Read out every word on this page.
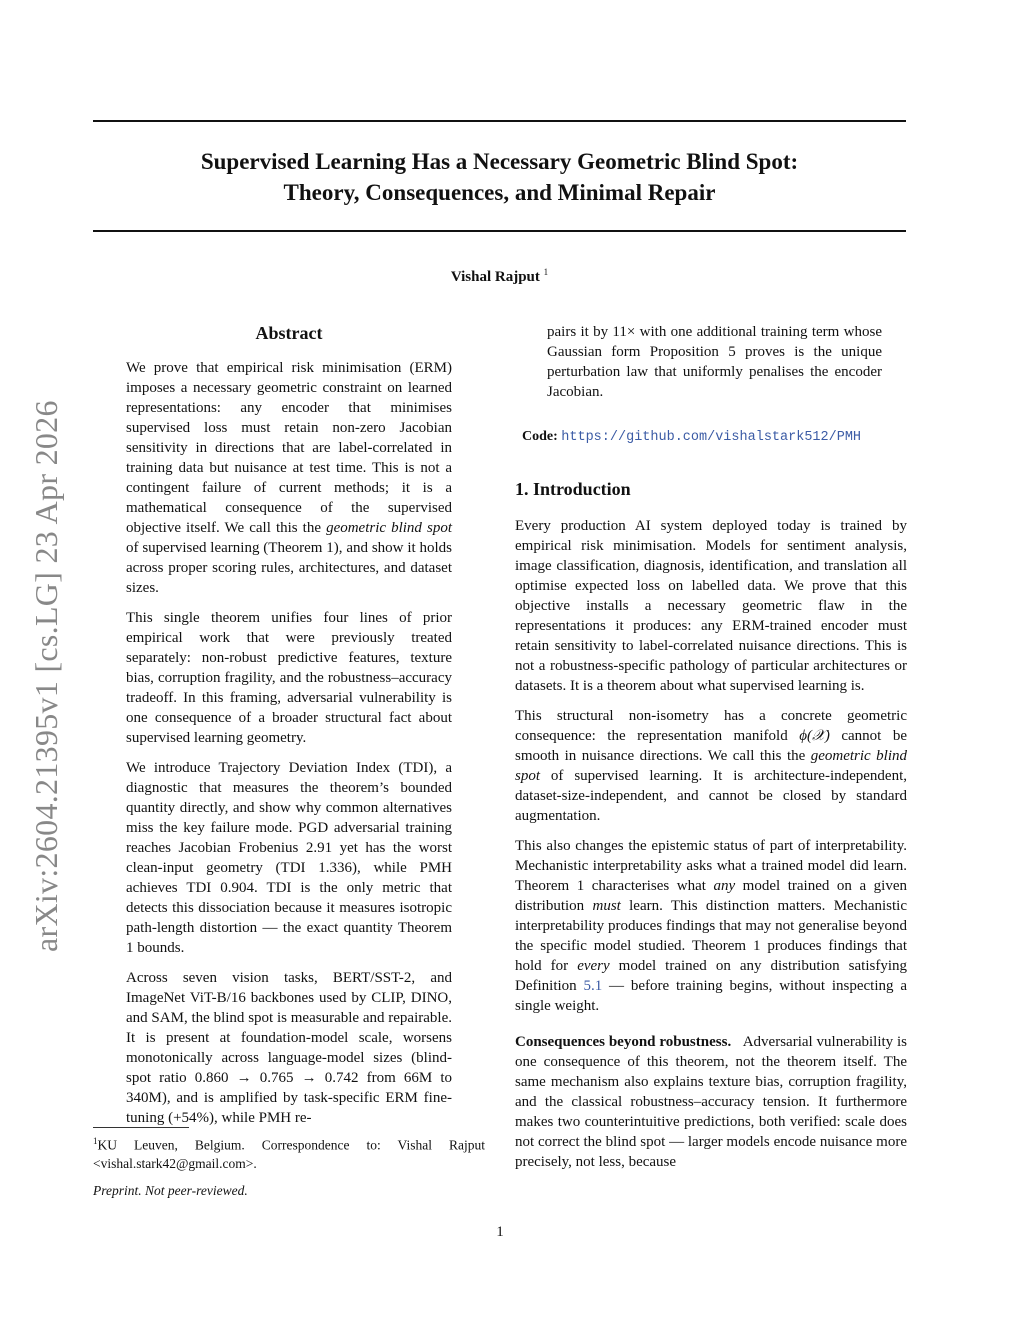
Supervised Learning Has a Necessary Geometric Blind Spot:
Theory, Consequences, and Minimal Repair
Vishal Rajput $^1$
arXiv:2604.21395v1 [cs.LG] 23 Apr 2026
Abstract

We prove that empirical risk minimisation (ERM) imposes a necessary geometric constraint on learned representations: any encoder that minimises supervised loss must retain non-zero Jacobian sensitivity in directions that are label-correlated in training data but nuisance at test time. This is not a contingent failure of current methods; it is a mathematical consequence of the supervised objective itself. We call this the geometric blind spot of supervised learning (Theorem 1), and show it holds across proper scoring rules, architectures, and dataset sizes.

This single theorem unifies four lines of prior empirical work that were previously treated separately: non-robust predictive features, texture bias, corruption fragility, and the robustness–accuracy tradeoff. In this framing, adversarial vulnerability is one consequence of a broader structural fact about supervised learning geometry.

We introduce Trajectory Deviation Index (TDI), a diagnostic that measures the theorem’s bounded quantity directly, and show why common alternatives miss the key failure mode. PGD adversarial training reaches Jacobian Frobenius 2.91 yet has the worst clean-input geometry (TDI 1.336), while PMH achieves TDI 0.904. TDI is the only metric that detects this dissociation because it measures isotropic path-length distortion — the exact quantity Theorem 1 bounds.

Across seven vision tasks, BERT/SST-2, and ImageNet ViT-B/16 backbones used by CLIP, DINO, and SAM, the blind spot is measurable and repairable. It is present at foundation-model scale, worsens monotonically across language-model sizes (blind-spot ratio 0.860 → 0.765 → 0.742 from 66M to 340M), and is amplified by task-specific ERM fine-tuning (+54%), while PMH re-

pairs it by 11× with one additional training term whose Gaussian form Proposition 5 proves is the unique perturbation law that uniformly penalises the encoder Jacobian.

Code: https://github.com/vishalstark512/PMH
1. Introduction

Every production AI system deployed today is trained by empirical risk minimisation. Models for sentiment analysis, image classification, diagnosis, identification, and translation all optimise expected loss on labelled data. We prove that this objective installs a necessary geometric flaw in the representations it produces: any ERM-trained encoder must retain sensitivity to label-correlated nuisance directions. This is not a robustness-specific pathology of particular architectures or datasets. It is a theorem about what supervised learning is.

This structural non-isometry has a concrete geometric consequence: the representation manifold ϕ(𝒳) cannot be smooth in nuisance directions. We call this the geometric blind spot of supervised learning. It is architecture-independent, dataset-size-independent, and cannot be closed by standard augmentation.

This also changes the epistemic status of part of interpretability. Mechanistic interpretability asks what a trained model did learn. Theorem 1 characterises what any model trained on a given distribution must learn. This distinction matters. Mechanistic interpretability produces findings that may not generalise beyond the specific model studied. Theorem 1 produces findings that hold for every model trained on any distribution satisfying Definition 5.1 — before training begins, without inspecting a single weight.

Consequences beyond robustness. Adversarial vulnerability is one consequence of this theorem, not the theorem itself. The same mechanism also explains texture bias, corruption fragility, and the classical robustness–accuracy tension. It furthermore makes two counterintuitive predictions, both verified: scale does not correct the blind spot — larger models encode nuisance more precisely, not less, because

$^1$KU Leuven, Belgium. Correspondence to: Vishal Rajput <vishal.stark42@gmail.com>.
Preprint. Not peer-reviewed.
1
